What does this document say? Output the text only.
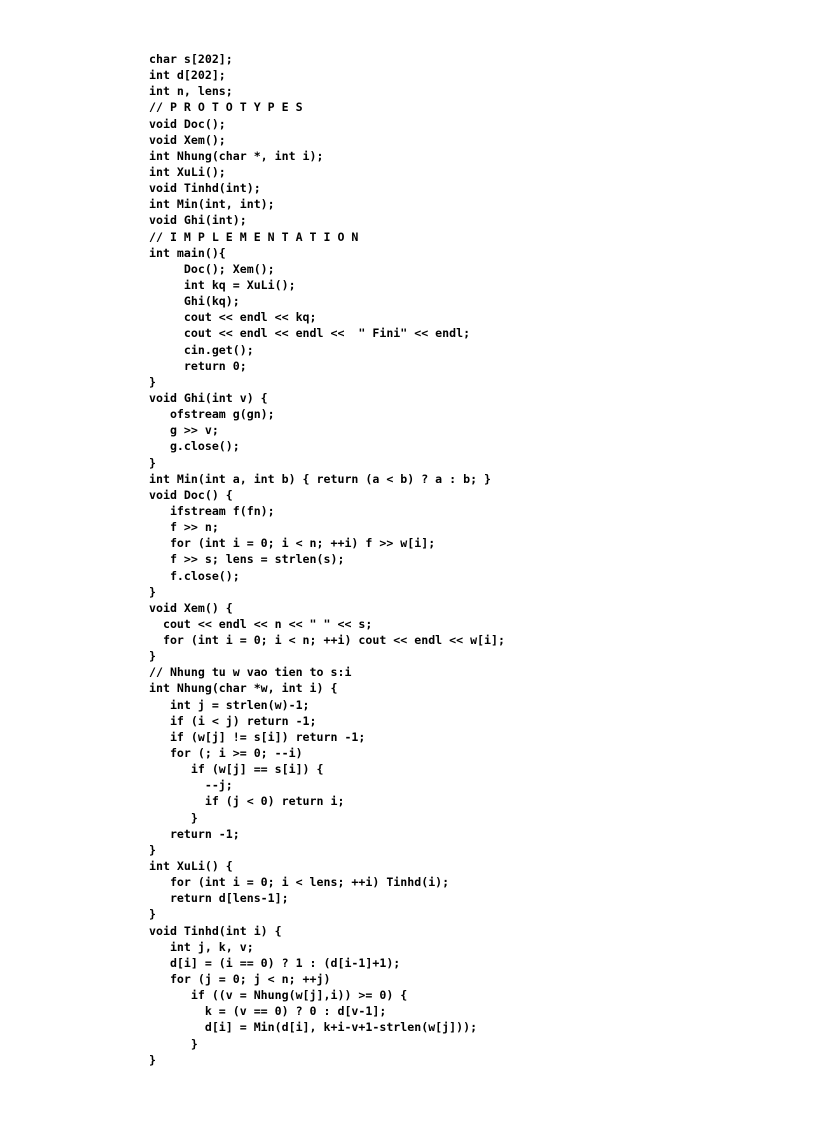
char s[202];
int d[202];
int n, lens;
// P R O T O T Y P E S
void Doc();
void Xem();
int Nhung(char *, int i);
int XuLi();
void Tinhd(int);
int Min(int, int);
void Ghi(int);
// I M P L E M E N T A T I O N
int main(){
Doc(); Xem();
int kq = XuLi();
Ghi(kq);
cout << endl << kq;
cout << endl << endl <<  " Fini" << endl;
cin.get();
return 0;
}
void Ghi(int v) {
ofstream g(gn);
g >> v;
g.close();
}
int Min(int a, int b) { return (a < b) ? a : b; }
void Doc() {
ifstream f(fn);
f >> n;
for (int i = 0; i < n; ++i) f >> w[i];
f >> s; lens = strlen(s);
f.close();
}
void Xem() {
cout << endl << n << " " << s;
for (int i = 0; i < n; ++i) cout << endl << w[i];
}
// Nhung tu w vao tien to s:i
int Nhung(char *w, int i) {
int j = strlen(w)-1;
if (i < j) return -1;
if (w[j] != s[i]) return -1;
for (; i >= 0; --i)
if (w[j] == s[i]) {
--j;
if (j < 0) return i;
}
return -1;
}
int XuLi() {
for (int i = 0; i < lens; ++i) Tinhd(i);
return d[lens-1];
}
void Tinhd(int i) {
int j, k, v;
d[i] = (i == 0) ? 1 : (d[i-1]+1);
for (j = 0; j < n; ++j)
if ((v = Nhung(w[j],i)) >= 0) {
k = (v == 0) ? 0 : d[v-1];
d[i] = Min(d[i], k+i-v+1-strlen(w[j]));
}
}
